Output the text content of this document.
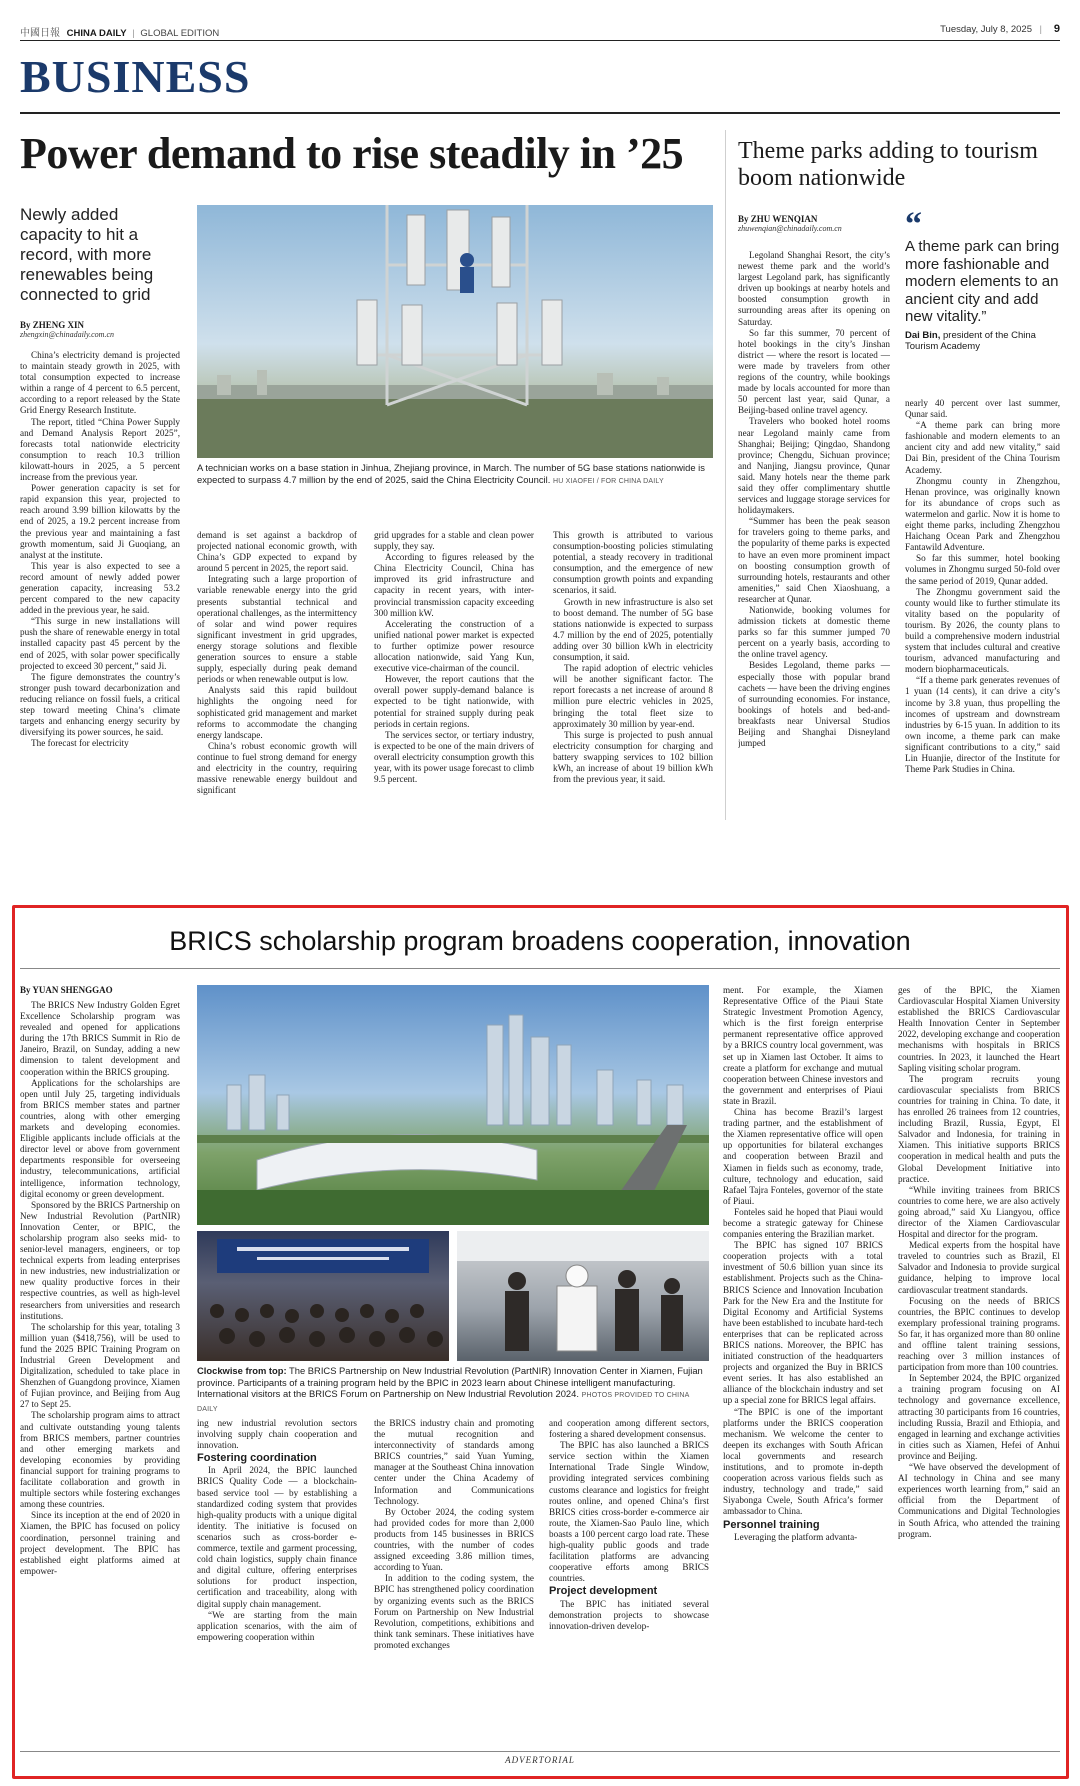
中國日報 CHINA DAILY | GLOBAL EDITION	Tuesday, July 8, 2025 | 9
BUSINESS
Power demand to rise steadily in ’25
Newly added capacity to hit a record, with more renewables being connected to grid
By ZHENG XIN
zhengxin@chinadaily.com.cn
A technician works on a base station in Jinhua, Zhejiang province, in March. The number of 5G base stations nationwide is expected to surpass 4.7 million by the end of 2025, said the China Electricity Council. HU XIAOFEI / FOR CHINA DAILY

China’s electricity demand is projected to maintain steady growth in 2025, with total consumption expected to increase within a range of 4 percent to 6.5 percent, according to a report released by the State Grid Energy Research Institute.

The report, titled “China Power Supply and Demand Analysis Report 2025”, forecasts total nationwide electricity consumption to reach 10.3 trillion kilowatt-hours in 2025, a 5 percent increase from the previous year.

Power generation capacity is set for rapid expansion this year, projected to reach around 3.99 billion kilowatts by the end of 2025, a 19.2 percent increase from the previous year and maintaining a fast growth momentum, said Ji Guoqiang, an analyst at the institute.

This year is also expected to see a record amount of newly added power generation capacity, increasing 53.2 percent compared to the new capacity added in the previous year, he said.

“This surge in new installations will push the share of renewable energy in total installed capacity past 45 percent by the end of 2025, with solar power specifically projected to exceed 30 percent,” said Ji.

The figure demonstrates the country’s stronger push toward decarbonization and reducing reliance on fossil fuels, a critical step toward meeting China’s climate targets and enhancing energy security by diversifying its power sources, he said.

The forecast for electricity

demand is set against a backdrop of projected national economic growth, with China’s GDP expected to expand by around 5 percent in 2025, the report said.

Integrating such a large proportion of variable renewable energy into the grid presents substantial technical and operational challenges, as the intermittency of solar and wind power requires significant investment in grid upgrades, energy storage solutions and flexible generation sources to ensure a stable supply, especially during peak demand periods or when renewable output is low.

Analysts said this rapid buildout highlights the ongoing need for sophisticated grid management and market reforms to accommodate the changing energy landscape.

China’s robust economic growth will continue to fuel strong demand for energy and electricity in the country, requiring massive renewable energy buildout and significant

grid upgrades for a stable and clean power supply, they say.

According to figures released by the China Electricity Council, China has improved its grid infrastructure and capacity in recent years, with inter-provincial transmission capacity exceeding 300 million kW.

Accelerating the construction of a unified national power market is expected to further optimize power resource allocation nationwide, said Yang Kun, executive vice-chairman of the council.

However, the report cautions that the overall power supply-demand balance is expected to be tight nationwide, with potential for strained supply during peak periods in certain regions.

The services sector, or tertiary industry, is expected to be one of the main drivers of overall electricity consumption growth this year, with its power usage forecast to climb 9.5 percent.

This growth is attributed to various consumption-boosting policies stimulating potential, a steady recovery in traditional consumption, and the emergence of new consumption growth points and expanding scenarios, it said.

Growth in new infrastructure is also set to boost demand. The number of 5G base stations nationwide is expected to surpass 4.7 million by the end of 2025, potentially adding over 30 billion kWh in electricity consumption, it said.

The rapid adoption of electric vehicles will be another significant factor. The report forecasts a net increase of around 8 million pure electric vehicles in 2025, bringing the total fleet size to approximately 30 million by year-end.

This surge is projected to push annual electricity consumption for charging and battery swapping services to 102 billion kWh, an increase of about 19 billion kWh from the previous year, it said.

Theme parks adding to tourism boom nationwide
By ZHU WENQIAN
zhuwenqian@chinadaily.com.cn

Legoland Shanghai Resort, the city’s newest theme park and the world’s largest Legoland park, has significantly driven up bookings at nearby hotels and boosted consumption growth in surrounding areas after its opening on Saturday.

So far this summer, 70 percent of hotel bookings in the city’s Jinshan district — where the resort is located — were made by travelers from other regions of the country, while bookings made by locals accounted for more than 50 percent last year, said Qunar, a Beijing-based online travel agency.

Travelers who booked hotel rooms near Legoland mainly came from Shanghai; Beijing; Qingdao, Shandong province; Chengdu, Sichuan province; and Nanjing, Jiangsu province, Qunar said. Many hotels near the theme park said they offer complimentary shuttle services and luggage storage services for holidaymakers.

“Summer has been the peak season for travelers going to theme parks, and the popularity of theme parks is expected to have an even more prominent impact on boosting consumption growth of surrounding hotels, restaurants and other amenities,” said Chen Xiaoshuang, a researcher at Qunar.

Nationwide, booking volumes for admission tickets at domestic theme parks so far this summer jumped 70 percent on a yearly basis, according to the online travel agency.

Besides Legoland, theme parks — especially those with popular brand cachets — have been the driving engines of surrounding economies. For instance, bookings of hotels and bed-and-breakfasts near Universal Studios Beijing and Shanghai Disneyland jumped

“
A theme park can bring more fashionable and modern elements to an ancient city and add new vitality.”
Dai Bin, president of the China Tourism Academy

nearly 40 percent over last summer, Qunar said.

“A theme park can bring more fashionable and modern elements to an ancient city and add new vitality,” said Dai Bin, president of the China Tourism Academy.

Zhongmu county in Zhengzhou, Henan province, was originally known for its abundance of crops such as watermelon and garlic. Now it is home to eight theme parks, including Zhengzhou Haichang Ocean Park and Zhengzhou Fantawild Adventure.

So far this summer, hotel booking volumes in Zhongmu surged 50-fold over the same period of 2019, Qunar added.

The Zhongmu government said the county would like to further stimulate its vitality based on the popularity of tourism. By 2026, the county plans to build a comprehensive modern industrial system that includes cultural and creative tourism, advanced manufacturing and modern biopharmaceuticals.

“If a theme park generates revenues of 1 yuan (14 cents), it can drive a city’s income by 3.8 yuan, thus propelling the incomes of upstream and downstream industries by 6-15 yuan. In addition to its own income, a theme park can make significant contributions to a city,” said Lin Huanjie, director of the Institute for Theme Park Studies in China.

BRICS scholarship program broadens cooperation, innovation
By YUAN SHENGGAO
Clockwise from top: The BRICS Partnership on New Industrial Revolution (PartNIR) Innovation Center in Xiamen, Fujian province. Participants of a training program held by the BPIC in 2023 learn about Chinese intelligent manufacturing. International visitors at the BRICS Forum on Partnership on New Industrial Revolution 2024. PHOTOS PROVIDED TO CHINA DAILY

The BRICS New Industry Golden Egret Excellence Scholarship program was revealed and opened for applications during the 17th BRICS Summit in Rio de Janeiro, Brazil, on Sunday, adding a new dimension to talent development and cooperation within the BRICS grouping.

Applications for the scholarships are open until July 25, targeting individuals from BRICS member states and partner countries, along with other emerging markets and developing economies. Eligible applicants include officials at the director level or above from government departments responsible for overseeing industry, telecommunications, artificial intelligence, information technology, digital economy or green development.

Sponsored by the BRICS Partnership on New Industrial Revolution (PartNIR) Innovation Center, or BPIC, the scholarship program also seeks mid- to senior-level managers, engineers, or top technical experts from leading enterprises in new industries, new industrialization or new quality productive forces in their respective countries, as well as high-level researchers from universities and research institutions.

The scholarship for this year, totaling 3 million yuan ($418,756), will be used to fund the 2025 BPIC Training Program on Industrial Green Development and Digitalization, scheduled to take place in Shenzhen of Guangdong province, Xiamen of Fujian province, and Beijing from Aug 27 to Sept 25.

The scholarship program aims to attract and cultivate outstanding young talents from BRICS members, partner countries and other emerging markets and developing economies by providing financial support for training programs to facilitate collaboration and growth in multiple sectors while fostering exchanges among these countries.

Since its inception at the end of 2020 in Xiamen, the BPIC has focused on policy coordination, personnel training and project development. The BPIC has established eight platforms aimed at empower-

ing new industrial revolution sectors involving supply chain cooperation and innovation.

Fostering coordination

In April 2024, the BPIC launched BRICS Quality Code — a blockchain-based service tool — by establishing a standardized coding system that provides high-quality products with a unique digital identity. The initiative is focused on scenarios such as cross-border e-commerce, textile and garment processing, cold chain logistics, supply chain finance and digital culture, offering enterprises solutions for product inspection, certification and traceability, along with digital supply chain management.

“We are starting from the main application scenarios, with the aim of empowering cooperation within

the BRICS industry chain and promoting the mutual recognition and interconnectivity of standards among BRICS countries,” said Yuan Yuming, manager at the Southeast China innovation center under the China Academy of Information and Communications Technology.

By October 2024, the coding system had provided codes for more than 2,000 products from 145 businesses in BRICS countries, with the number of codes assigned exceeding 3.86 million times, according to Yuan.

In addition to the coding system, the BPIC has strengthened policy coordination by organizing events such as the BRICS Forum on Partnership on New Industrial Revolution, competitions, exhibitions and think tank seminars. These initiatives have promoted exchanges

and cooperation among different sectors, fostering a shared development consensus.

The BPIC has also launched a BRICS service section within the Xiamen International Trade Single Window, providing integrated services combining customs clearance and logistics for freight routes online, and opened China’s first BRICS cities cross-border e-commerce air route, the Xiamen-Sao Paulo line, which boasts a 100 percent cargo load rate. These high-quality public goods and trade facilitation platforms are advancing cooperative efforts among BRICS countries.

Project development

The BPIC has initiated several demonstration projects to showcase innovation-driven develop-

ment. For example, the Xiamen Representative Office of the Piaui State Strategic Investment Promotion Agency, which is the first foreign enterprise permanent representative office approved by a BRICS country local government, was set up in Xiamen last October. It aims to create a platform for exchange and mutual cooperation between Chinese investors and the government and enterprises of Piaui state in Brazil.

China has become Brazil’s largest trading partner, and the establishment of the Xiamen representative office will open up opportunities for bilateral exchanges and cooperation between Brazil and Xiamen in fields such as economy, trade, culture, technology and education, said Rafael Tajra Fonteles, governor of the state of Piaui.

Fonteles said he hoped that Piaui would become a strategic gateway for Chinese companies entering the Brazilian market.

The BPIC has signed 107 BRICS cooperation projects with a total investment of 50.6 billion yuan since its establishment. Projects such as the China-BRICS Science and Innovation Incubation Park for the New Era and the Institute for Digital Economy and Artificial Systems have been established to incubate hard-tech enterprises that can be replicated across BRICS nations. Moreover, the BPIC has initiated construction of the headquarters projects and organized the Buy in BRICS event series. It has also established an alliance of the blockchain industry and set up a special zone for BRICS legal affairs.

“The BPIC is one of the important platforms under the BRICS cooperation mechanism. We welcome the center to deepen its exchanges with South African local governments and research institutions, and to promote in-depth cooperation across various fields such as industry, technology and trade,” said Siyabonga Cwele, South Africa’s former ambassador to China.

Personnel training

Leveraging the platform advanta-

ges of the BPIC, the Xiamen Cardiovascular Hospital Xiamen University established the BRICS Cardiovascular Health Innovation Center in September 2022, developing exchange and cooperation mechanisms with hospitals in BRICS countries. In 2023, it launched the Heart Sapling visiting scholar program.

The program recruits young cardiovascular specialists from BRICS countries for training in China. To date, it has enrolled 26 trainees from 12 countries, including Brazil, Russia, Egypt, El Salvador and Indonesia, for training in Xiamen. This initiative supports BRICS cooperation in medical health and puts the Global Development Initiative into practice.

“While inviting trainees from BRICS countries to come here, we are also actively going abroad,” said Xu Liangyou, office director of the Xiamen Cardiovascular Hospital and director for the program.

Medical experts from the hospital have traveled to countries such as Brazil, El Salvador and Indonesia to provide surgical guidance, helping to improve local cardiovascular treatment standards.

Focusing on the needs of BRICS countries, the BPIC continues to develop exemplary professional training programs. So far, it has organized more than 80 online and offline talent training sessions, reaching over 3 million instances of participation from more than 100 countries.

In September 2024, the BPIC organized a training program focusing on AI technology and governance excellence, attracting 30 participants from 16 countries, including Russia, Brazil and Ethiopia, and engaged in learning and exchange activities in cities such as Xiamen, Hefei of Anhui province and Beijing.

“We have observed the development of AI technology in China and see many experiences worth learning from,” said an official from the Department of Communications and Digital Technologies in South Africa, who attended the training program.

ADVERTORIAL
